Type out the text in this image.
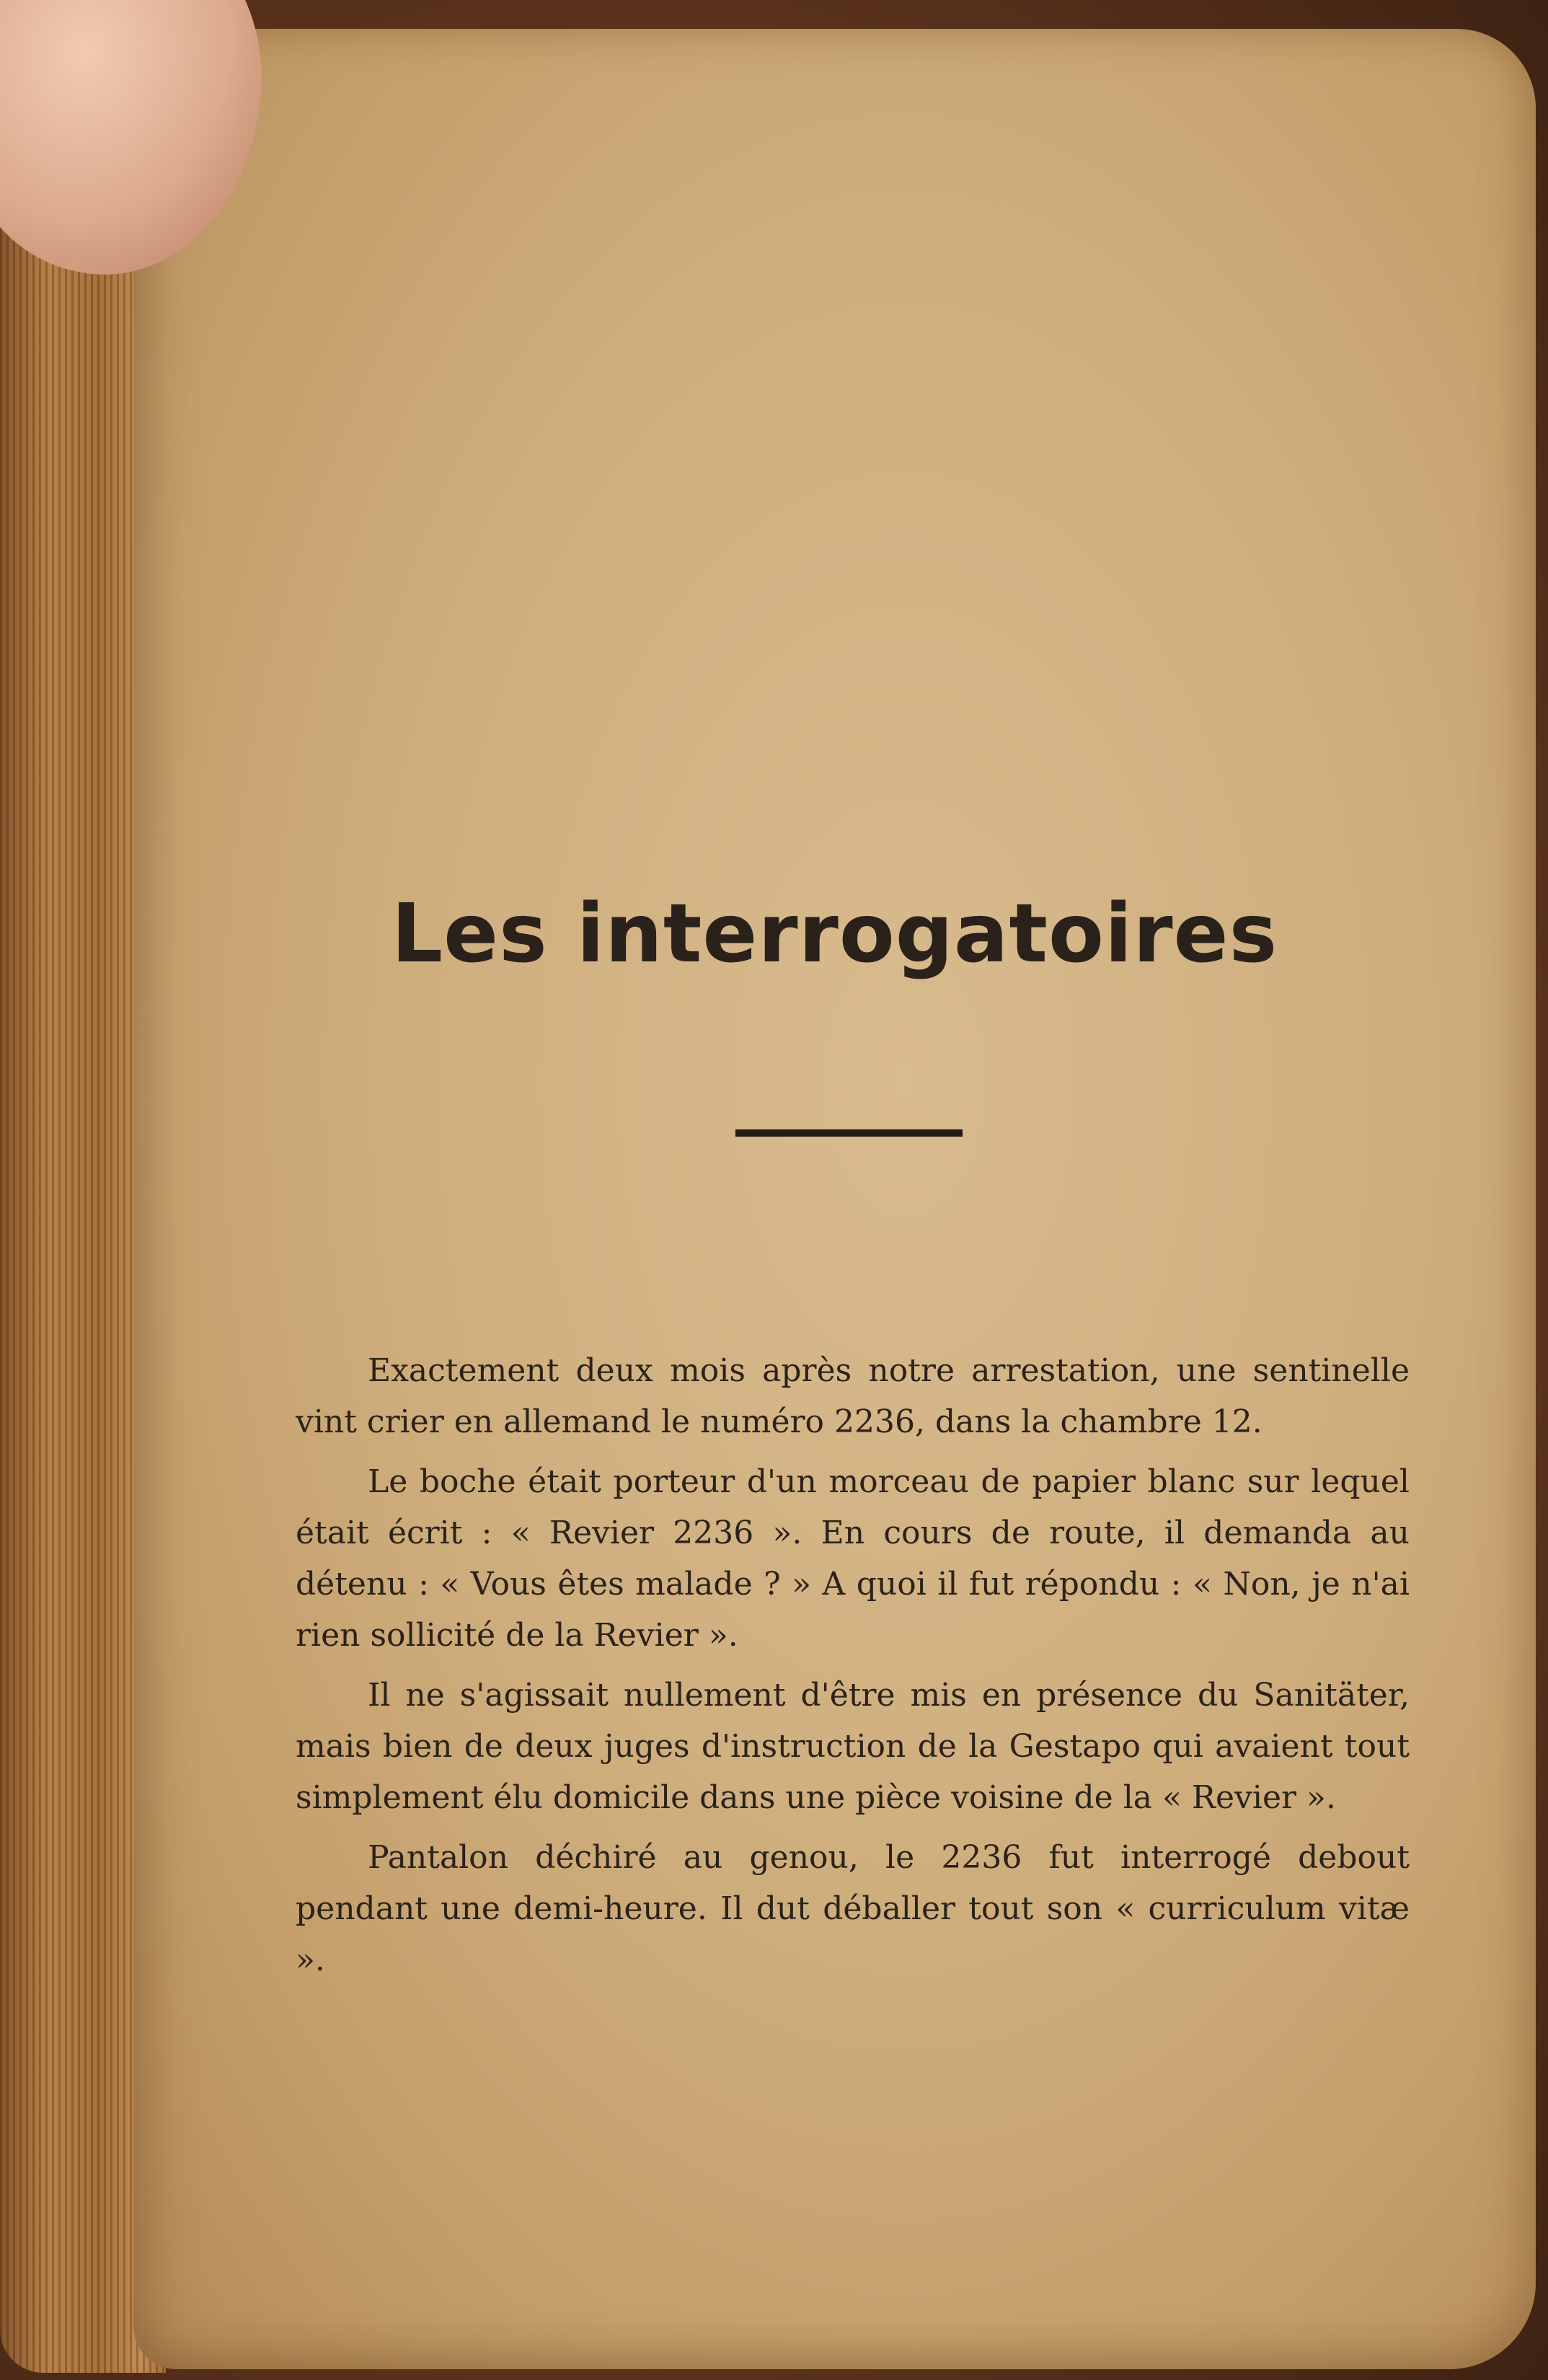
Les interrogatoires

Exactement deux mois après notre arrestation, une sentinelle vint crier en allemand le numéro 2236, dans la chambre 12.

Le boche était porteur d'un morceau de papier blanc sur lequel était écrit : « Revier 2236 ». En cours de route, il demanda au détenu : « Vous êtes malade ? » A quoi il fut répondu : « Non, je n'ai rien sollicité de la Revier ».

Il ne s'agissait nullement d'être mis en présence du Sanitäter, mais bien de deux juges d'instruction de la Gestapo qui avaient tout simplement élu domicile dans une pièce voisine de la « Revier ».

Pantalon déchiré au genou, le 2236 fut interrogé debout pendant une demi-heure. Il dut déballer tout son « curriculum vitæ ».
